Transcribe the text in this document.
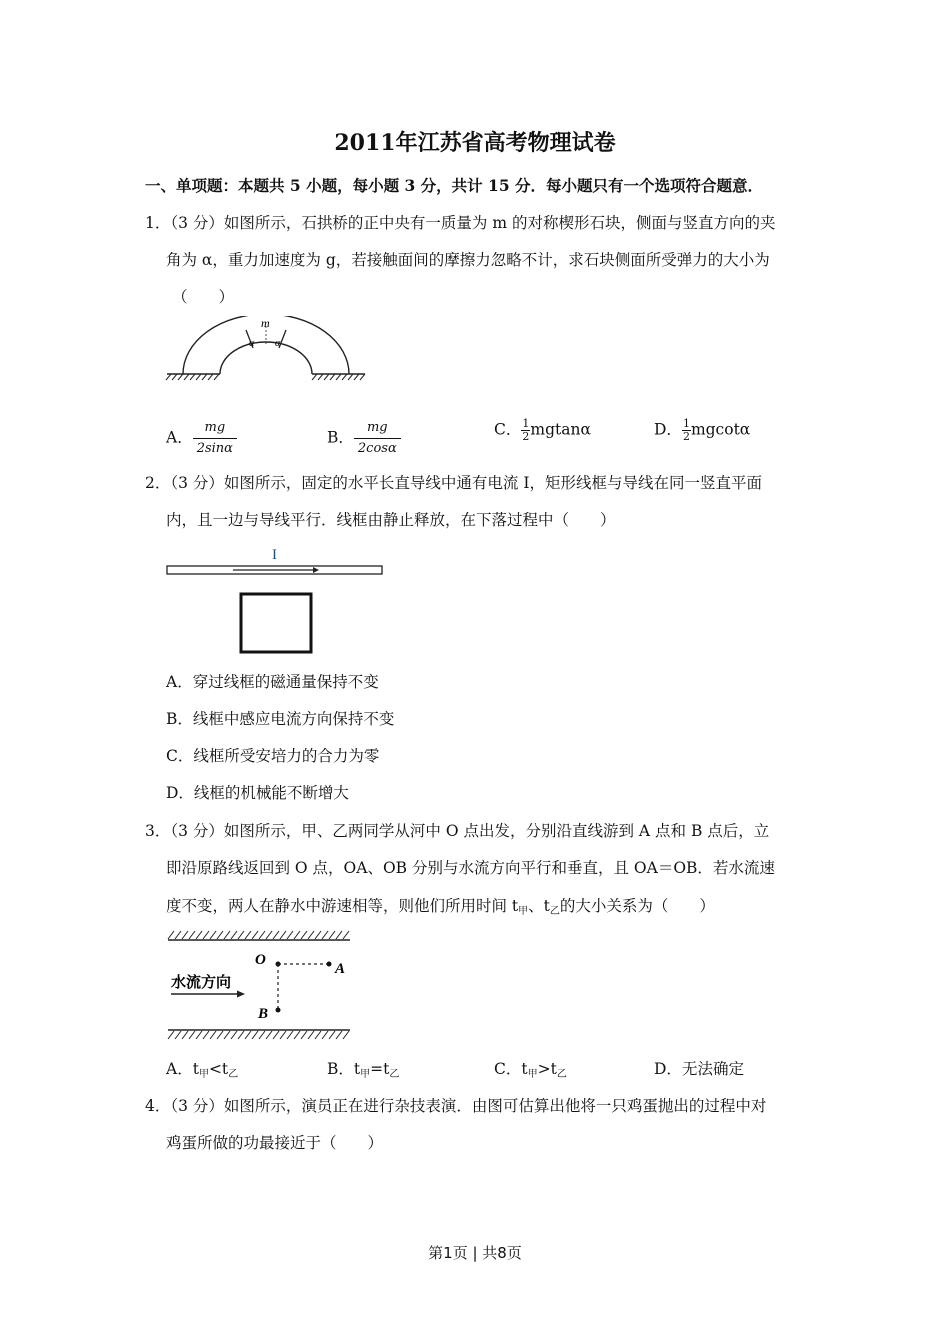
2011年江苏省高考物理试卷
一、单项题：本题共 5 小题，每小题 3 分，共计 15 分．每小题只有一个选项符合题意．
1．（3 分）如图所示，石拱桥的正中央有一质量为 m 的对称楔形石块，侧面与竖直方向的夹
角为 α，重力加速度为 g，若接触面间的摩擦力忽略不计，求石块侧面所受弹力的大小为
（　　）
m
α α
A． $\frac{mg}{2\sin\alpha}$	B． $\frac{mg}{2\cos\alpha}$	C． $\frac{1}{2}$ mgtanα	D． $\frac{1}{2}$ mgcotα
2．（3 分）如图所示，固定的水平长直导线中通有电流 I，矩形线框与导线在同一竖直平面
内，且一边与导线平行．线框由静止释放，在下落过程中（　　）
I
A．穿过线框的磁通量保持不变
B．线框中感应电流方向保持不变
C．线框所受安培力的合力为零
D．线框的机械能不断增大
3．（3 分）如图所示，甲、乙两同学从河中 O 点出发，分别沿直线游到 A 点和 B 点后，立
即沿原路线返回到 O 点，OA、OB 分别与水流方向平行和垂直，且 OA＝OB．若水流速
度不变，两人在静水中游速相等，则他们所用时间 $t_甲$、$t_乙$的大小关系为（　　）
O
A
B
水流方向
A．$t_甲<t_乙$	B．$t_甲=t_乙$	C．$t_甲>t_乙$	D．无法确定
4．（3 分）如图所示，演员正在进行杂技表演．由图可估算出他将一只鸡蛋抛出的过程中对
鸡蛋所做的功最接近于（　　）
第1页 | 共8页
